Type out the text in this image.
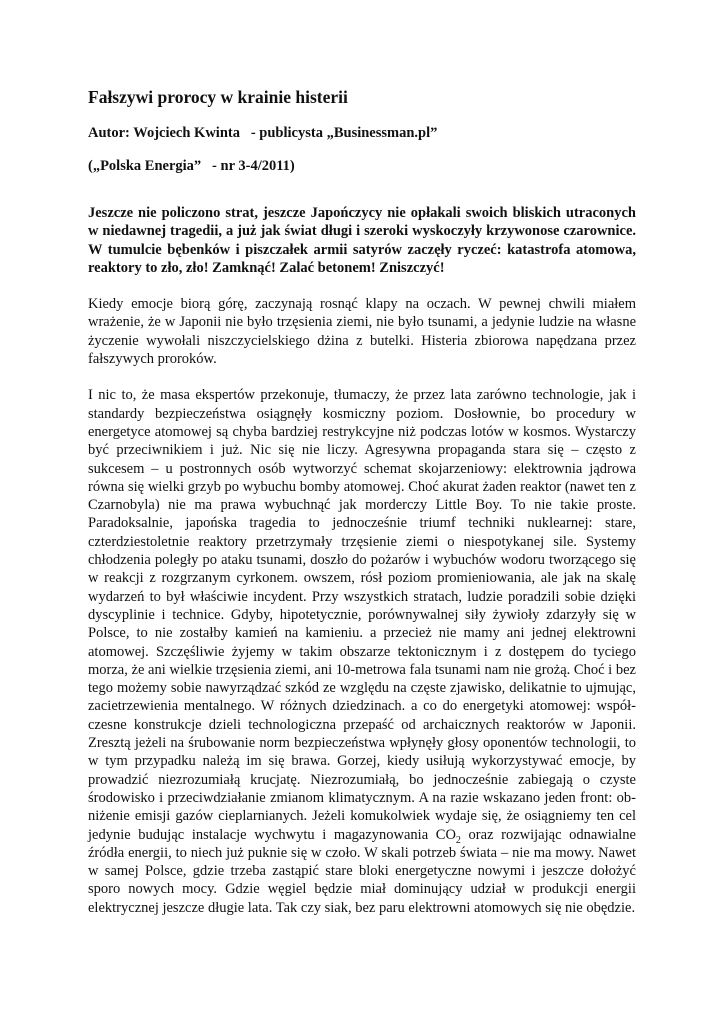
Fałszywi prorocy w krainie histerii

Autor: Wojciech Kwinta   - publicysta „Businessman.pl”

(„Polska Energia”   - nr 3-4/2011)

Jeszcze nie policzono strat, jeszcze Japończycy nie opłakali swoich bliskich utraconych w niedawnej tragedii, a już jak świat długi i szeroki wyskoczyły krzywonose czarownice. W tumulcie bębenków i piszczałek armii satyrów zaczęły ryczeć: katastrofa atomowa, reaktory to zło, zło! Zamknąć! Zalać betonem! Zniszczyć!

Kiedy emocje biorą górę, zaczynają rosnąć klapy na oczach. W pewnej chwili miałem wrażenie, że w Japonii nie było trzęsienia ziemi, nie było tsunami, a jedynie ludzie na własne życzenie wywołali niszczycielskiego dżina z butelki. Histeria zbiorowa napędzana przez fałszywych proroków.

I nic to, że masa ekspertów przekonuje, tłumaczy, że przez lata zarówno technologie, jak i standardy bezpieczeństwa osiągnęły kosmiczny poziom. Dosłownie, bo procedury w energetyce atomowej są chyba bardziej restrykcyjne niż podczas lotów w kosmos. Wystarczy być przeciwnikiem i już. Nic się nie liczy. Agresywna propaganda stara się – często z sukcesem – u postronnych osób wytworzyć schemat skojarzeniowy: elektrownia jądrowa równa się wielki grzyb po wybuchu bomby atomowej. Choć akurat żaden reaktor (nawet ten z Czarnobyla) nie ma prawa wybuchnąć jak morderczy Little Boy. To nie takie proste. Paradoksalnie, japońska tragedia to jednocześnie triumf techniki nuklearnej: stare, czterdziestoletnie reaktory przetrzymały trzęsienie ziemi o niespotykanej sile. Systemy chłodzenia poległy po ataku tsunami, doszło do pożarów i wybuchów wodoru tworzącego się w reakcji z rozgrzanym cyrkonem. owszem, rósł poziom promieniowania, ale jak na skalę wydarzeń to był właściwie incydent. Przy wszystkich stratach, ludzie poradzili sobie dzięki dyscyplinie i technice. Gdyby, hipotetycznie, porównywalnej siły żywioły zdarzyły się w Polsce, to nie zostałby kamień na kamieniu. a przecież nie mamy ani jednej elektrowni atomowej. Szczęśliwie żyjemy w takim obszarze tektonicznym i z dostępem do tyciego morza, że ani wielkie trzęsienia ziemi, ani 10-metrowa fala tsunami nam nie grożą. Choć i bez tego możemy sobie nawyrządzać szkód ze względu na częste zjawisko, delikatnie to ujmując, zacietrzewienia mentalnego. W różnych dziedzinach. a co do energetyki atomowej: współ-czesne konstrukcje dzieli technologiczna przepaść od archaicznych reaktorów w Japonii. Zresztą jeżeli na śrubowanie norm bezpieczeństwa wpłynęły głosy oponentów technologii, to w tym przypadku należą im się brawa. Gorzej, kiedy usiłują wykorzystywać emocje, by prowadzić niezrozumiałą krucjatę. Niezrozumiałą, bo jednocześnie zabiegają o czyste środowisko i przeciwdziałanie zmianom klimatycznym. A na razie wskazano jeden front: ob-niżenie emisji gazów cieplarnianych. Jeżeli komukolwiek wydaje się, że osiągniemy ten cel jedynie budując instalacje wychwytu i magazynowania $CO_2$ oraz rozwijając odnawialne źródła energii, to niech już puknie się w czoło. W skali potrzeb świata – nie ma mowy. Nawet w samej Polsce, gdzie trzeba zastąpić stare bloki energetyczne nowymi i jeszcze dołożyć sporo nowych mocy. Gdzie węgiel będzie miał dominujący udział w produkcji energii elektrycznej jeszcze długie lata. Tak czy siak, bez paru elektrowni atomowych się nie obędzie.
